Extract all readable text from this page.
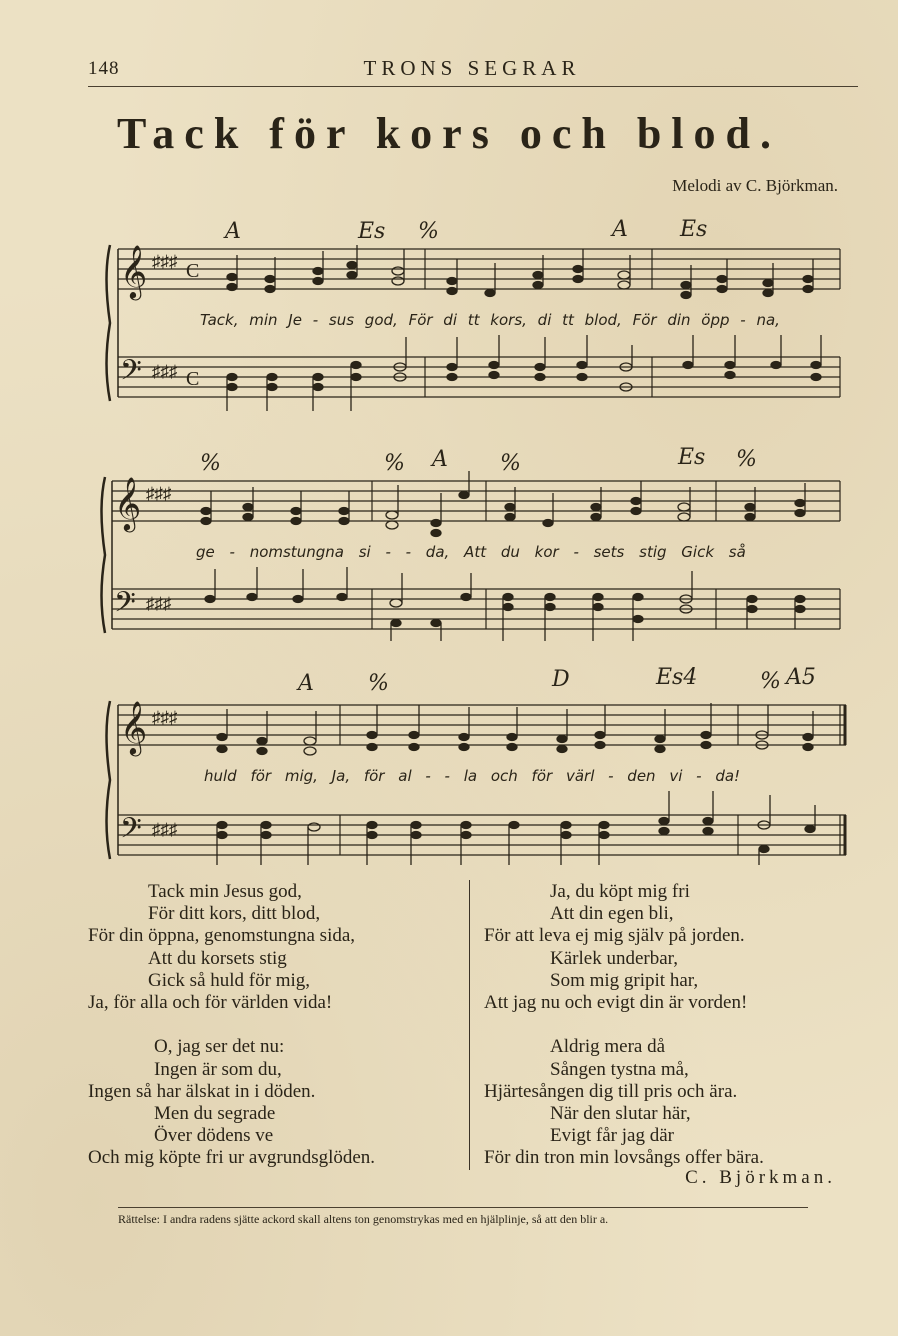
148	TRONS SEGRAR
Tack för kors och blod.
Melodi av C. Björkman.
A	Es %	A Es
𝄞
𝄢
♯♯♯
♯♯♯
C
C
Tack, min Je - sus god, För di tt kors, di tt blod, För din öpp - na,
%	% A %	Es %
𝄞
𝄢
♯♯♯
♯♯♯
ge - nomstungna si - - da, Att du kor - sets stig Gick så
A %	D	Es4	% A5
𝄞
𝄢
♯♯♯
♯♯♯
huld för mig, Ja, för al - - la och för värl - den vi - da!
Tack min Jesus god,
För ditt kors, ditt blod,
För din öppna, genomstungna sida,
Att du korsets stig
Gick så huld för mig,
Ja, för alla och för världen vida!
O, jag ser det nu:
Ingen är som du,
Ingen så har älskat in i döden.
Men du segrade
Över dödens ve
Och mig köpte fri ur avgrundsglöden.
Ja, du köpt mig fri
Att din egen bli,
För att leva ej mig själv på jorden.
Kärlek underbar,
Som mig gripit har,
Att jag nu och evigt din är vorden!
Aldrig mera då
Sången tystna må,
Hjärtesången dig till pris och ära.
När den slutar här,
Evigt får jag där
För din tron min lovsångs offer bära.
C. Björkman.
Rättelse: I andra radens sjätte ackord skall altens ton genomstrykas med en hjälplinje, så att den blir a.
